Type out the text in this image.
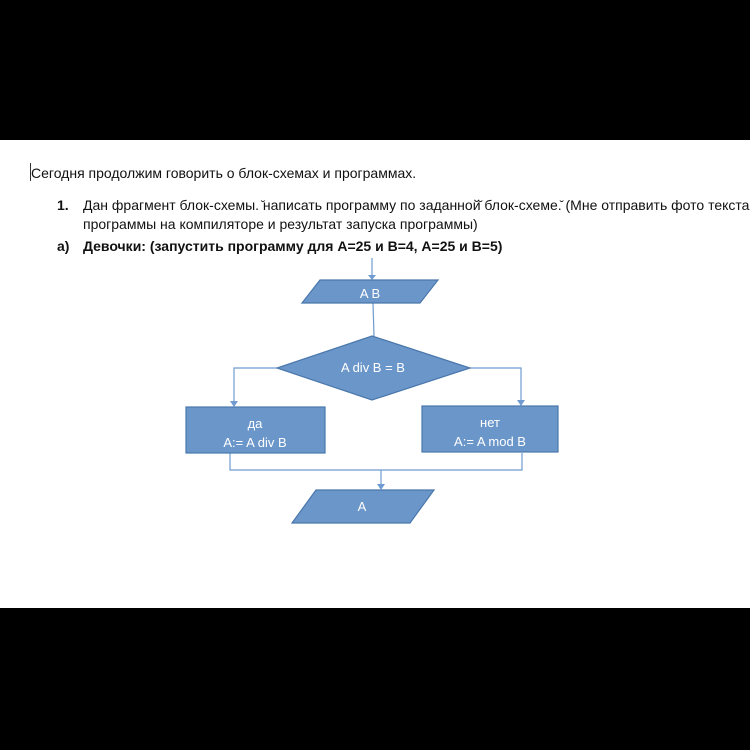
Сегодня продолжим говорить о блок-схемах и программах.
1. Дан фрагмент блок-схемы. ̆написать программу по заданной̆ блок-схеме.̆ (Мне отправить фото текста
программы на компиляторе и результат запуска программы)
а) Девочки: (запустить программу для А=25 и В=4, А=25 и В=5)
A B
A div B = B
да
A:= A div B
нет
A:= A mod B
A
